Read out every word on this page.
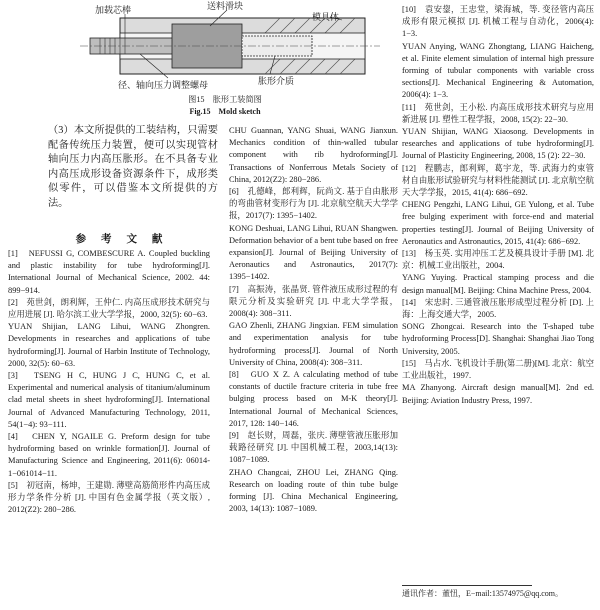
加载芯棒	送料滑块
模具体
径、轴向压力调整螺母	胀形介质
图15　胀形工装简图
Fig.15　Mold sketch

（3）本文所提供的工装结构，只需要配备传统压力装置，便可以实现管材轴向压力内高压胀形。在不具备专业内高压成形设备资源条件下，成形类似零件，可以借鉴本文所提供的方法。

参 考 文 献

[1]　NEFUSSI G, COMBESCURE A. Coupled buckling and plastic instability for tube hydroforming[J]. International Journal of Mechanical Science, 2002. 44: 899−914.

[2]　苑世剑，朗利辉，王仲仁. 内高压成形技术研究与应用进展 [J]. 哈尔滨工业大学学报，2000, 32(5): 60−63.

YUAN Shijian, LANG Lihui, WANG Zhongren. Developments in researches and applications of tube hydroforming[J]. Journal of Harbin Institute of Technology, 2000, 32(5): 60−63.

[3]　TSENG H C, HUNG J C, HUNG C, et al. Experimental and numerical analysis of titanium/aluminum clad metal sheets in sheet hydroforming[J]. International Journal of Advanced Manufacturing Technology, 2011, 54(1−4): 93−111.

[4]　CHEN Y, NGAILE G. Preform design for tube hydroforming based on wrinkle formation[J]. Journal of Manufacturing Science and Engineering, 2011(6): 06014-1−061014−11.

[5]　初冠南，杨坤，王建勋. 薄壁高筋简形件内高压成形力学条件分析 [J]. 中国有色金属学报（英文版）, 2012(Z2): 280−286.

CHU Guannan, YANG Shuai, WANG Jianxun. Mechanics condition of thin-walled tubular component with rib hydroforming[J]. Transactions of Nonferrous Metals Society of China, 2012(Z2): 280−286.

[6]　孔德峰，郎利辉，阮尚文. 基于自由胀形的弯曲管材变形行为 [J]. 北京航空航天大学学报，2017(7): 1395−1402.

KONG Deshuai, LANG Lihui, RUAN Shangwen. Deformation behavior of a bent tube based on free expansion[J]. Journal of Beijing University of Aeronautics and Astronautics, 2017(7): 1395−1402.

[7]　高振涛，张晶贤. 管件液压成形过程的有限元分析及实验研究 [J]. 中北大学学报，2008(4): 308−311.

GAO Zhenli, ZHANG Jingxian. FEM simulation and experimentation analysis for tube hydroforming process[J]. Journal of North University of China, 2008(4): 308−311.

[8]　GUO X Z. A calculating method of tube constants of ductile fracture criteria in tube free bulging process based on M-K theory[J]. International Journal of Mechanical Sciences, 2017, 128: 140−146.

[9]　赵长财，周磊，张庆. 薄壁管液压胀形加载路径研究 [J]. 中国机械工程，2003,14(13): 1087−1089.

ZHAO Changcai, ZHOU Lei, ZHANG Qing. Research on loading route of thin tube bulge forming [J]. China Mechanical Engineering, 2003, 14(13): 1087−1089.

[10]　袁安鋆，王忠堂，梁海城，等. 变径管内高压成形有限元模拟 [J]. 机械工程与自动化，2006(4): 1−3.

YUAN Anying, WANG Zhongtang, LIANG Haicheng, et al. Finite element simulation of internal high pressure forming of tubular components with variable cross sections[J]. Mechanical Engineering & Automation, 2006(4): 1−3.

[11]　苑世剑，王小松. 内高压成形技术研究与应用新进展 [J]. 塑性工程学报，2008, 15(2): 22−30.

YUAN Shijian, WANG Xiaosong. Developments in researches and applications of tube hydroforming[J]. Journal of Plasticity Engineering, 2008, 15 (2): 22−30.

[12]　程鹏志，郎利辉，葛宇龙，等. 武海力约束管材自由胀形试验研究与材料性能测试 [J]. 北京航空航天大学学报，2015, 41(4): 686−692.

CHENG Pengzhi, LANG Lihui, GE Yulong, et al. Tube free bulging experiment with force-end and material properties testing[J]. Journal of Beijing University of Aeronautics and Astronautics, 2015, 41(4): 686−692.

[13]　杨玉英. 实用冲压工艺及模具设计手册 [M]. 北京：机械工业出版社，2004.

YANG Yuying. Practical stamping process and die design manual[M]. Beijing: China Machine Press, 2004.

[14]　宋忠时. 三通管液压胀形成型过程分析 [D]. 上海：上海交通大学，2005.

SONG Zhongcai. Research into the T-shaped tube hydroforming Process[D]. Shanghai: Shanghai Jiao Tong University, 2005.

[15]　马占水. 飞机设计手册(第二册)[M]. 北京：航空工业出版社，1997.

MA Zhanyong. Aircraft design manual[M]. 2nd ed. Beijing: Aviation Industry Press, 1997.

通讯作者：董忸，E−mail:13574975@qq.com。
